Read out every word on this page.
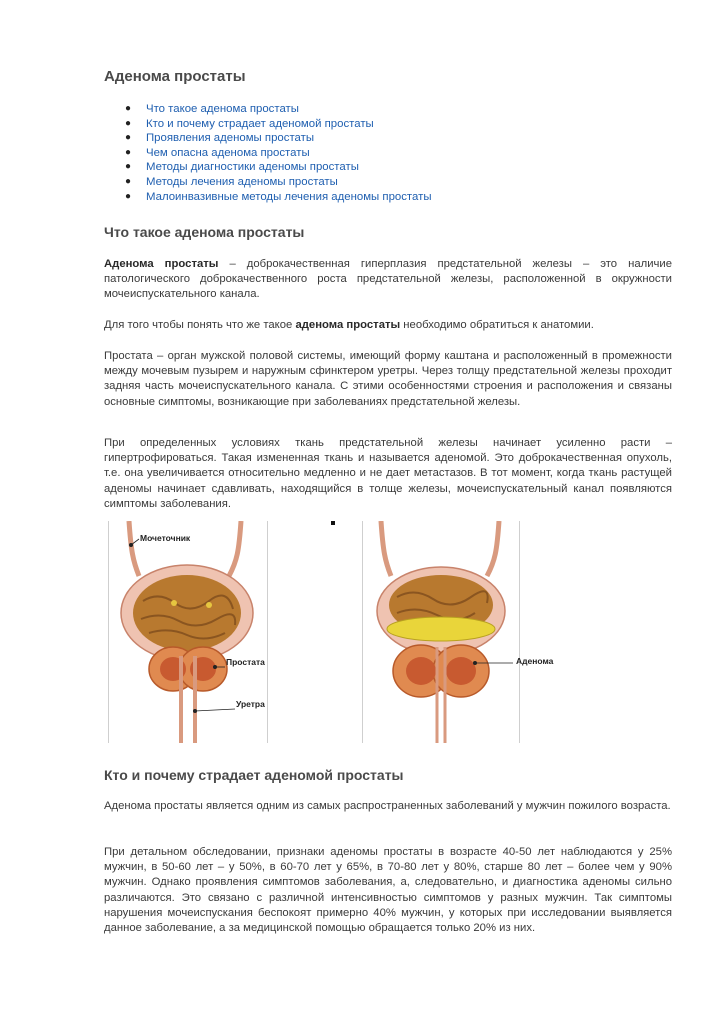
Аденома простаты
● Что такое аденома простаты
● Кто и почему страдает аденомой простаты
● Проявления аденомы простаты
● Чем опасна аденома простаты
● Методы диагностики аденомы простаты
● Методы лечения аденомы простаты
● Малоинвазивные методы лечения аденомы простаты
Что такое аденома простаты

Аденома простаты – доброкачественная гиперплазия предстательной железы – это наличие патологического доброкачественного роста предстательной железы, расположенной в окружности мочеиспускательного канала.

Для того чтобы понять что же такое аденома простаты необходимо обратиться к анатомии.

Простата – орган мужской половой системы, имеющий форму каштана и расположенный в промежности между мочевым пузырем и наружным сфинктером уретры. Через толщу предстательной железы проходит задняя часть мочеиспускательного канала. С этими особенностями строения и расположения и связаны основные симптомы, возникающие при заболеваниях предстательной железы.

При определенных условиях ткань предстательной железы начинает усиленно расти – гипертрофироваться. Такая измененная ткань и называется аденомой. Это доброкачественная опухоль, т.е. она увеличивается относительно медленно и не дает метастазов. В тот момент, когда ткань растущей аденомы начинает сдавливать, находящийся в толще железы, мочеиспускательный канал появляются симптомы заболевания.

Кто и почему страдает аденомой простаты

Аденома простаты является одним из самых распространенных заболеваний у мужчин пожилого возраста.

При детальном обследовании, признаки аденомы простаты в возрасте 40-50 лет наблюдаются у 25% мужчин, в 50-60 лет – у 50%, в 60-70 лет у 65%, в 70-80 лет у 80%, старше 80 лет – более чем у 90% мужчин. Однако проявления симптомов заболевания, а, следовательно, и диагностика аденомы сильно различаются. Это связано с различной интенсивностью симптомов у разных мужчин. Так симптомы нарушения мочеиспускания беспокоят примерно 40% мужчин, у которых при исследовании выявляется данное заболевание, а за медицинской помощью обращается только 20% из них.

Мочеточник
Простата
Уретра
Аденома
